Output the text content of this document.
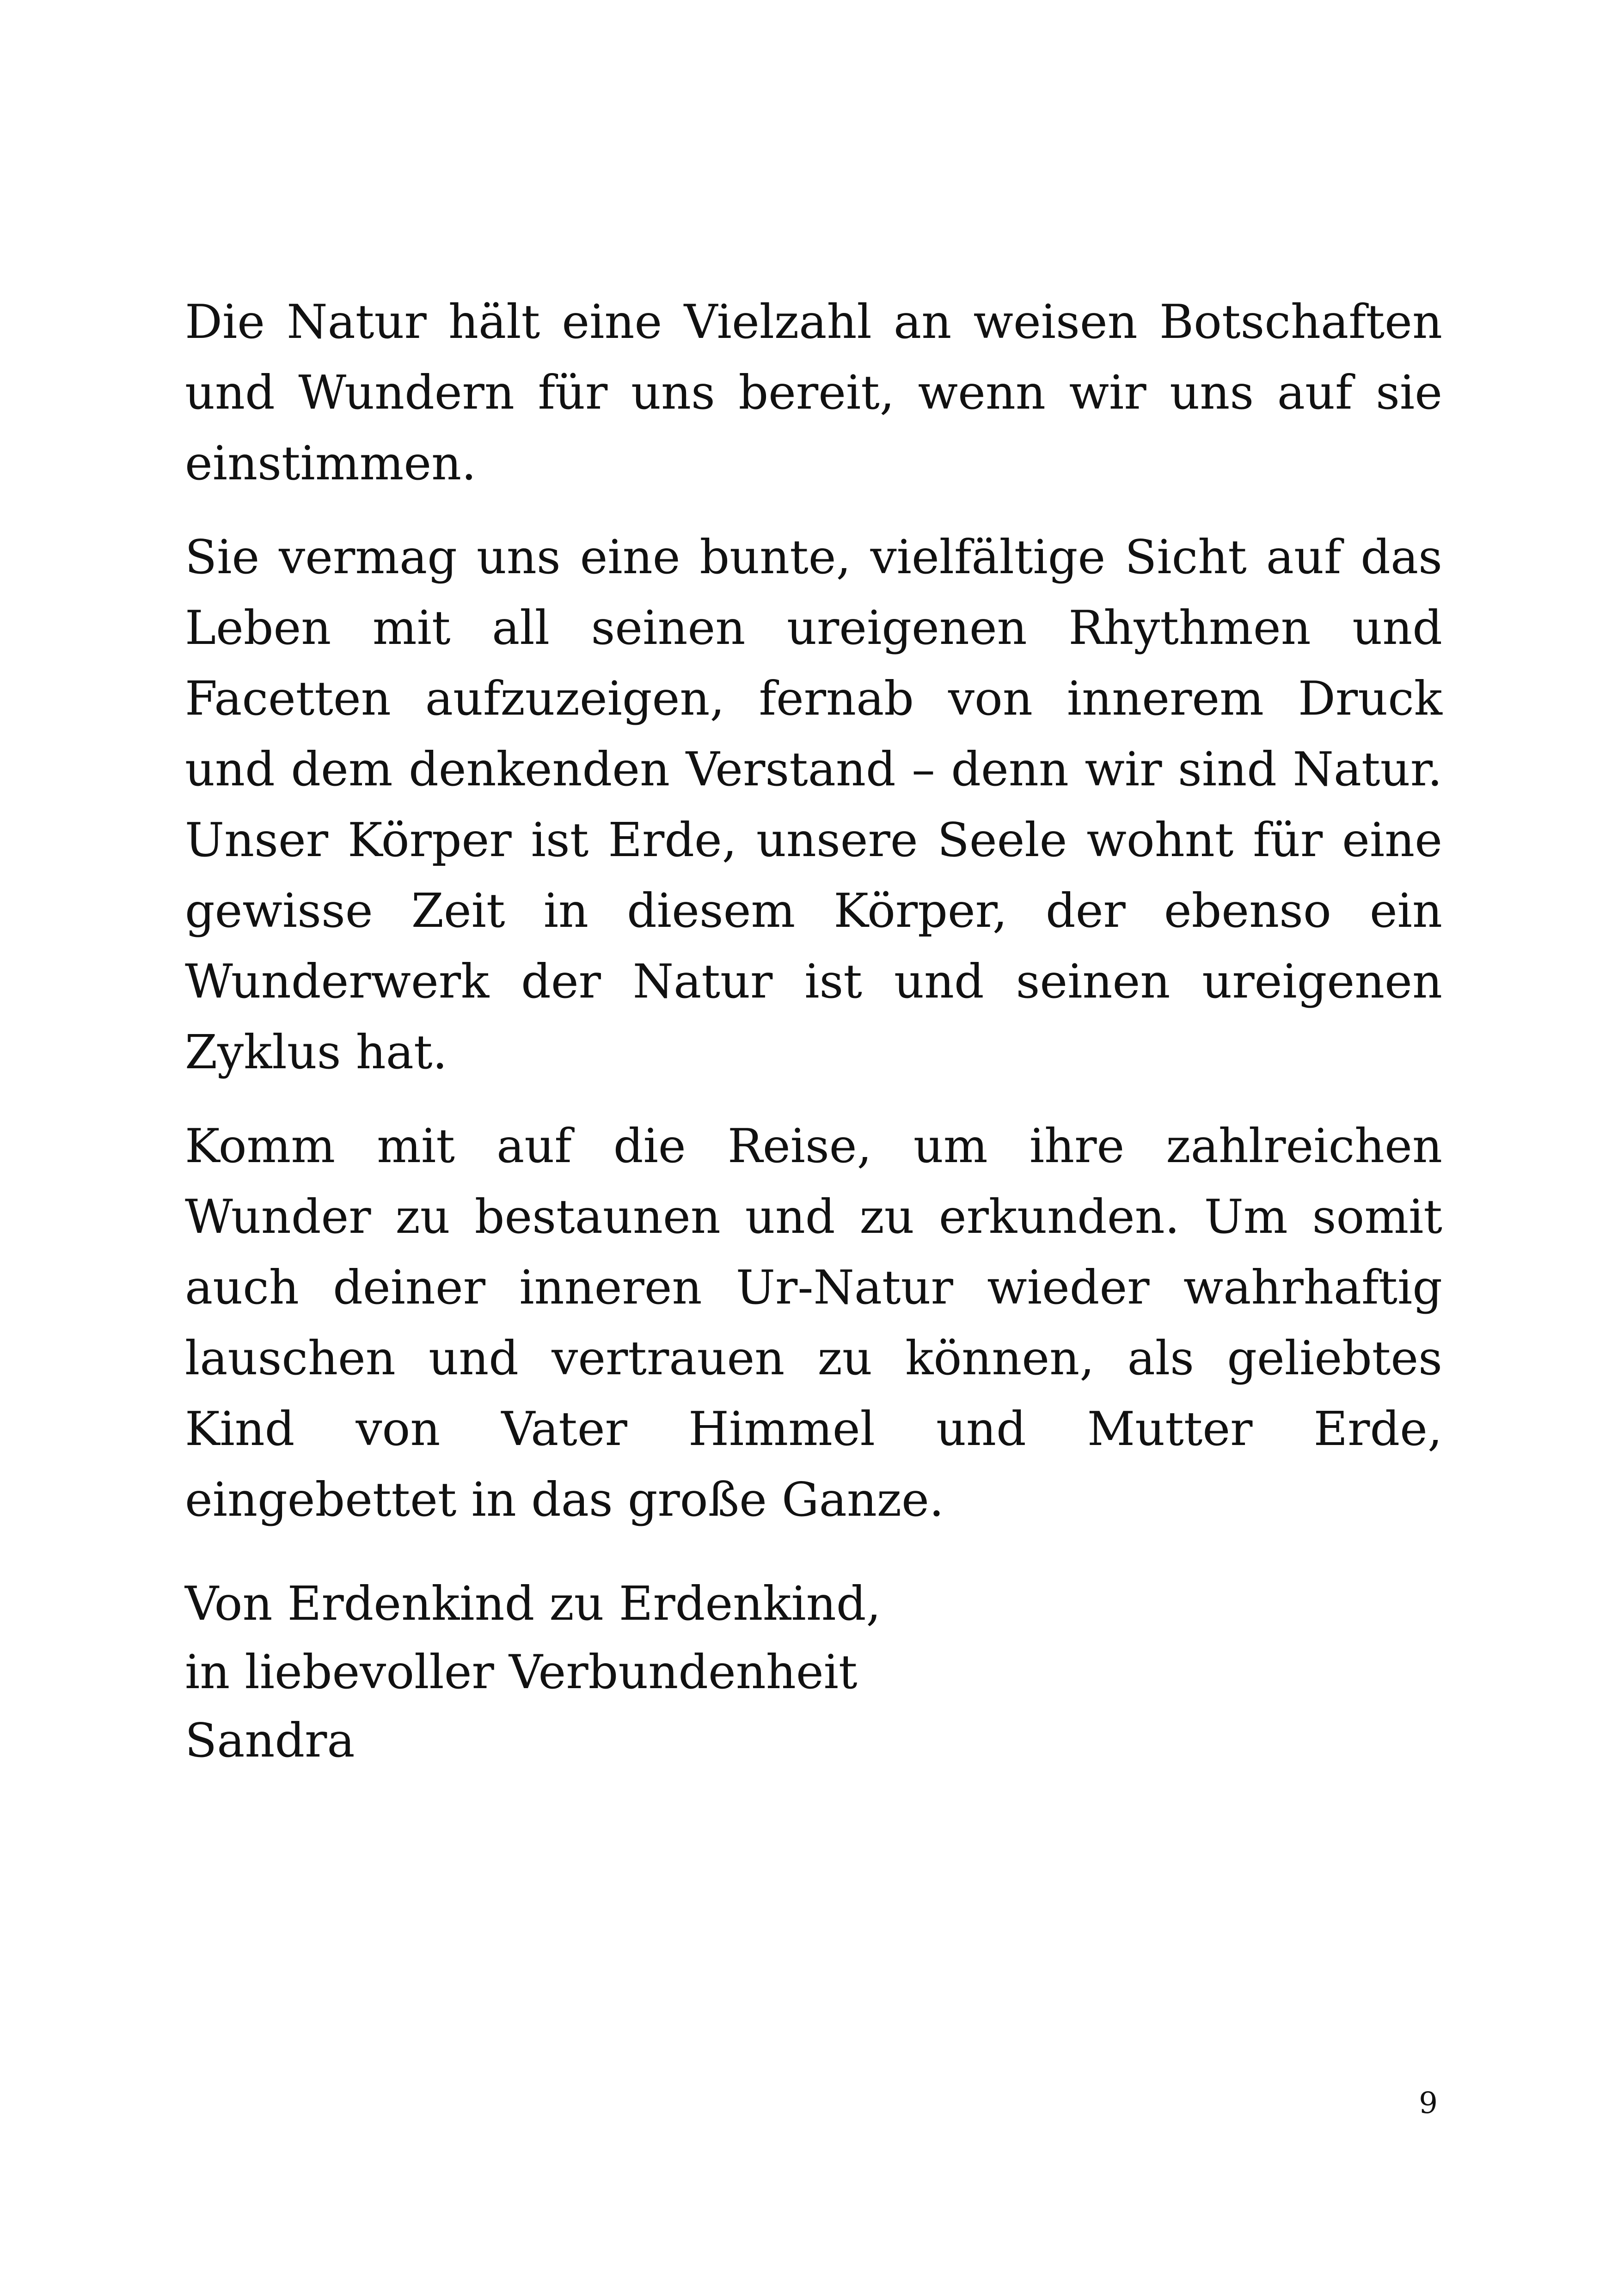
Die Natur hält eine Vielzahl an weisen Botschaften und Wundern für uns bereit, wenn wir uns auf sie einstimmen.

Sie vermag uns eine bunte, vielfältige Sicht auf das Leben mit all seinen ureigenen Rhythmen und Facetten aufzuzeigen, fernab von innerem Druck und dem denkenden Verstand – denn wir sind Natur. Unser Körper ist Erde, unsere Seele wohnt für eine gewisse Zeit in diesem Körper, der ebenso ein Wunderwerk der Natur ist und seinen ureigenen Zyklus hat.

Komm mit auf die Reise, um ihre zahlreichen Wunder zu bestaunen und zu erkunden. Um somit auch deiner inneren Ur-Natur wieder wahrhaftig lauschen und vertrauen zu können, als geliebtes Kind von Vater Himmel und Mutter Erde, eingebettet in das große Ganze.

Von Erdenkind zu Erdenkind,
in liebevoller Verbundenheit
Sandra
9
